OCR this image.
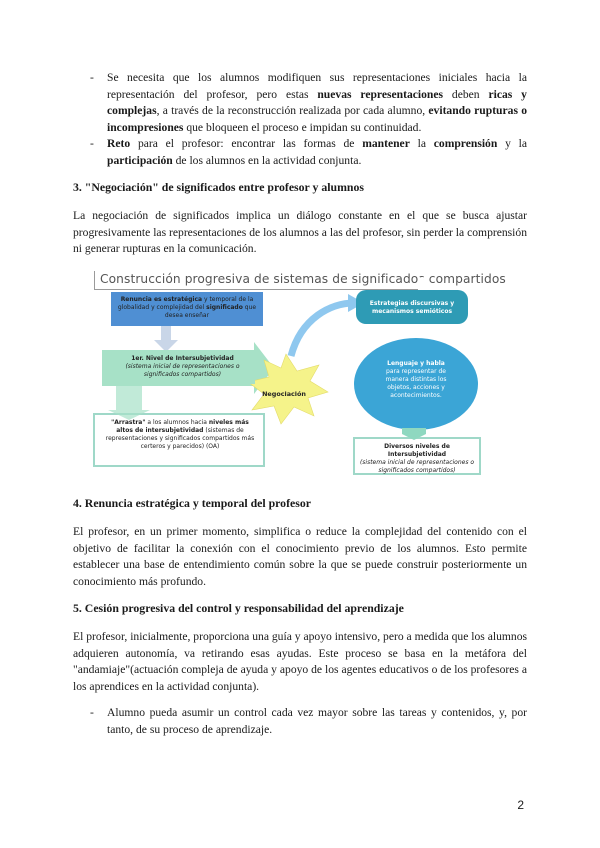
- Se necesita que los alumnos modifiquen sus representaciones iniciales hacia la representación del profesor, pero estas nuevas representaciones deben ricas y complejas, a través de la reconstrucción realizada por cada alumno, evitando rupturas o incompresiones que bloqueen el proceso e impidan su continuidad.
- Reto para el profesor: encontrar las formas de mantener la comprensión y la participación de los alumnos en la actividad conjunta.
3. "Negociación" de significados entre profesor y alumnos
La negociación de significados implica un diálogo constante en el que se busca ajustar progresivamente las representaciones de los alumnos a las del profesor, sin perder la comprensión ni generar rupturas en la comunicación.
Construcción progresiva de sistemas de significados compartidos
Renuncia es estratégica y temporal de la globalidad y complejidad del significado que desea enseñar
1er. Nivel de Intersubjetividad
(sistema inicial de representaciones o significados compartidos)
"Arrastra" a los alumnos hacia niveles más altos de intersubjetividad (sistemas de representaciones y significados compartidos más certeros y parecidos) (OA)
Negociación
Estrategias discursivas y mecanismos semióticos
Lenguaje y habla
para representar de manera distintas los objetos, acciones y acontecimientos.
Diversos niveles de Intersubjetividad
(sistema inicial de representaciones o significados compartidos)
4. Renuncia estratégica y temporal del profesor
El profesor, en un primer momento, simplifica o reduce la complejidad del contenido con el objetivo de facilitar la conexión con el conocimiento previo de los alumnos. Esto permite establecer una base de entendimiento común sobre la que se puede construir posteriormente un conocimiento más profundo.
5. Cesión progresiva del control y responsabilidad del aprendizaje
El profesor, inicialmente, proporciona una guía y apoyo intensivo, pero a medida que los alumnos adquieren autonomía, va retirando esas ayudas. Este proceso se basa en la metáfora del "andamiaje"(actuación compleja de ayuda y apoyo de los agentes educativos o de los profesores a los aprendices en la actividad conjunta).
- Alumno pueda asumir un control cada vez mayor sobre las tareas y contenidos, y, por tanto, de su proceso de aprendizaje.
2
